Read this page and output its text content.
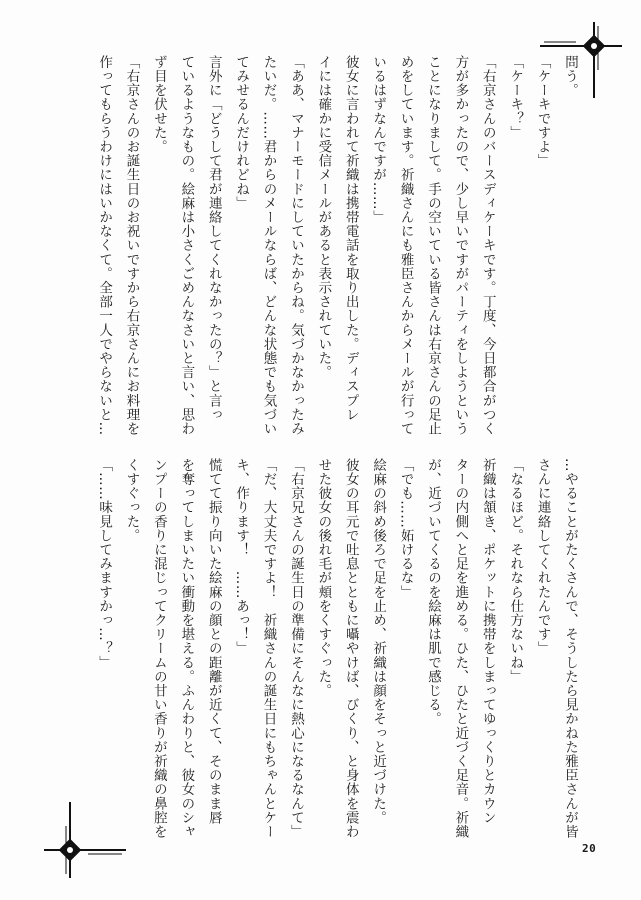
問う。
「ケーキですよ」
「ケーキ？」
「右京さんのバースディケーキです。丁度、今日都合がつく
方が多かったので、少し早いですがパーティをしようという
ことになりまして。手の空いている皆さんは右京さんの足止
めをしています。祈織さんにも雅臣さんからメールが行って
いるはずなんですが……」
彼女に言われて祈織は携帯電話を取り出した。ディスプレ
イには確かに受信メールがあると表示されていた。
「ああ、マナーモードにしていたからね。気づかなかったみ
たいだ。……君からのメールならば、どんな状態でも気づい
てみせるんだけれどね」
言外に「どうして君が連絡してくれなかったの？」と言っ
ているようなもの。絵麻は小さくごめんなさいと言い、思わ
ず目を伏せた。
「右京さんのお誕生日のお祝いですから右京さんにお料理を
作ってもらうわけにはいかなくて。全部一人でやらないと…
…やることがたくさんで、そうしたら見かねた雅臣さんが皆
さんに連絡してくれたんです」
「なるほど。それなら仕方ないね」
祈織は頷き、ポケットに携帯をしまってゆっくりとカウン
ターの内側へと足を進める。ひた、ひたと近づく足音。祈織
が、近づいてくるのを絵麻は肌で感じる。
「でも……妬けるな」
絵麻の斜め後ろで足を止め、祈織は顔をそっと近づけた。
彼女の耳元で吐息とともに囁やけば、びくり、と身体を震わ
せた彼女の後れ毛が頬をくすぐった。
「右京兄さんの誕生日の準備にそんなに熱心になるなんて」
「だ、大丈夫ですよ！　祈織さんの誕生日にもちゃんとケー
キ、作ります！　……あっ！」
慌てて振り向いた絵麻の顔との距離が近くて、そのまま唇
を奪ってしまいたい衝動を堪える。ふんわりと、彼女のシャ
ンプーの香りに混じってクリームの甘い香りが祈織の鼻腔を
くすぐった。
「……味見してみますかっ…？」
20
